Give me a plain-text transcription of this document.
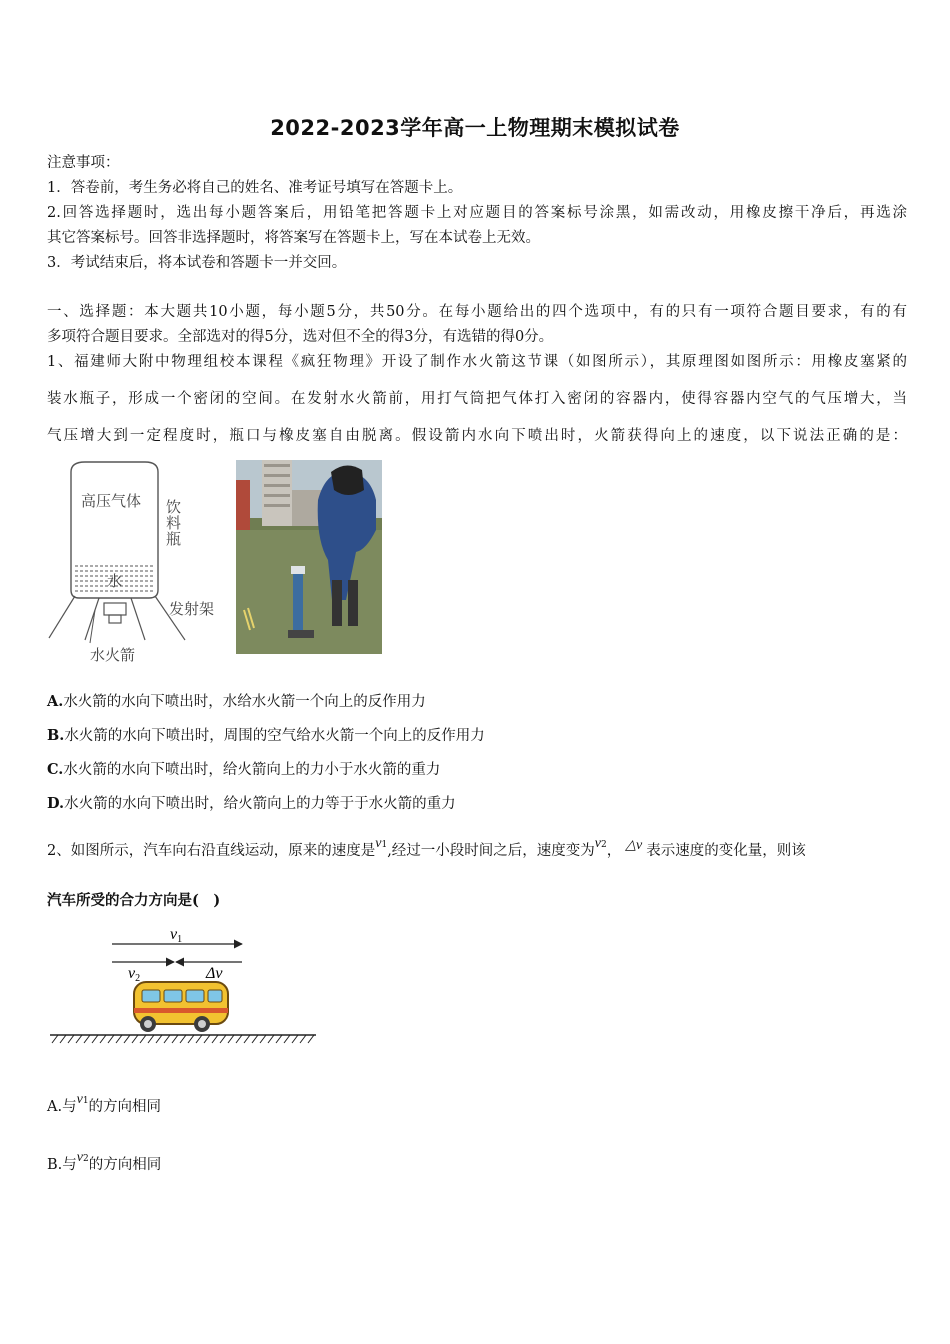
2022-2023学年高一上物理期末模拟试卷
注意事项：
1．答卷前，考生务必将自己的姓名、准考证号填写在答题卡上。
2.回答选择题时，选出每小题答案后，用铅笔把答题卡上对应题目的答案标号涂黑，如需改动，用橡皮擦干净后，再选涂
其它答案标号。回答非选择题时，将答案写在答题卡上，写在本试卷上无效。
3．考试结束后，将本试卷和答题卡一并交回。
一、选择题：本大题共10小题，每小题5分，共50分。在每小题给出的四个选项中，有的只有一项符合题目要求，有的有
多项符合题目要求。全部选对的得5分，选对但不全的得3分，有选错的得0分。
1、福建师大附中物理组校本课程《疯狂物理》开设了制作水火箭这节课（如图所示），其原理图如图所示：用橡皮塞紧的
装水瓶子，形成一个密闭的空间。在发射水火箭前，用打气筒把气体打入密闭的容器内，使得容器内空气的气压增大，当
气压增大到一定程度时，瓶口与橡皮塞自由脱离。假设箭内水向下喷出时，火箭获得向上的速度，以下说法正确的是：
高压气体 饮
料
瓶
水
发射架
水火箭
A.水火箭的水向下喷出时，水给水火箭一个向上的反作用力
B.水火箭的水向下喷出时，周围的空气给水火箭一个向上的反作用力
C.水火箭的水向下喷出时，给火箭向上的力小于水火箭的重力
D.水火箭的水向下喷出时，给火箭向上的力等于于水火箭的重力
2、如图所示，汽车向右沿直线运动，原来的速度是 v1 ,经过一小段时间之后，速度变为 v2 ， △v 表示速度的变化量，则该
汽车所受的合力方向是(　)
v1
v2	Δv
A.与v1的方向相同
B.与v2的方向相同
